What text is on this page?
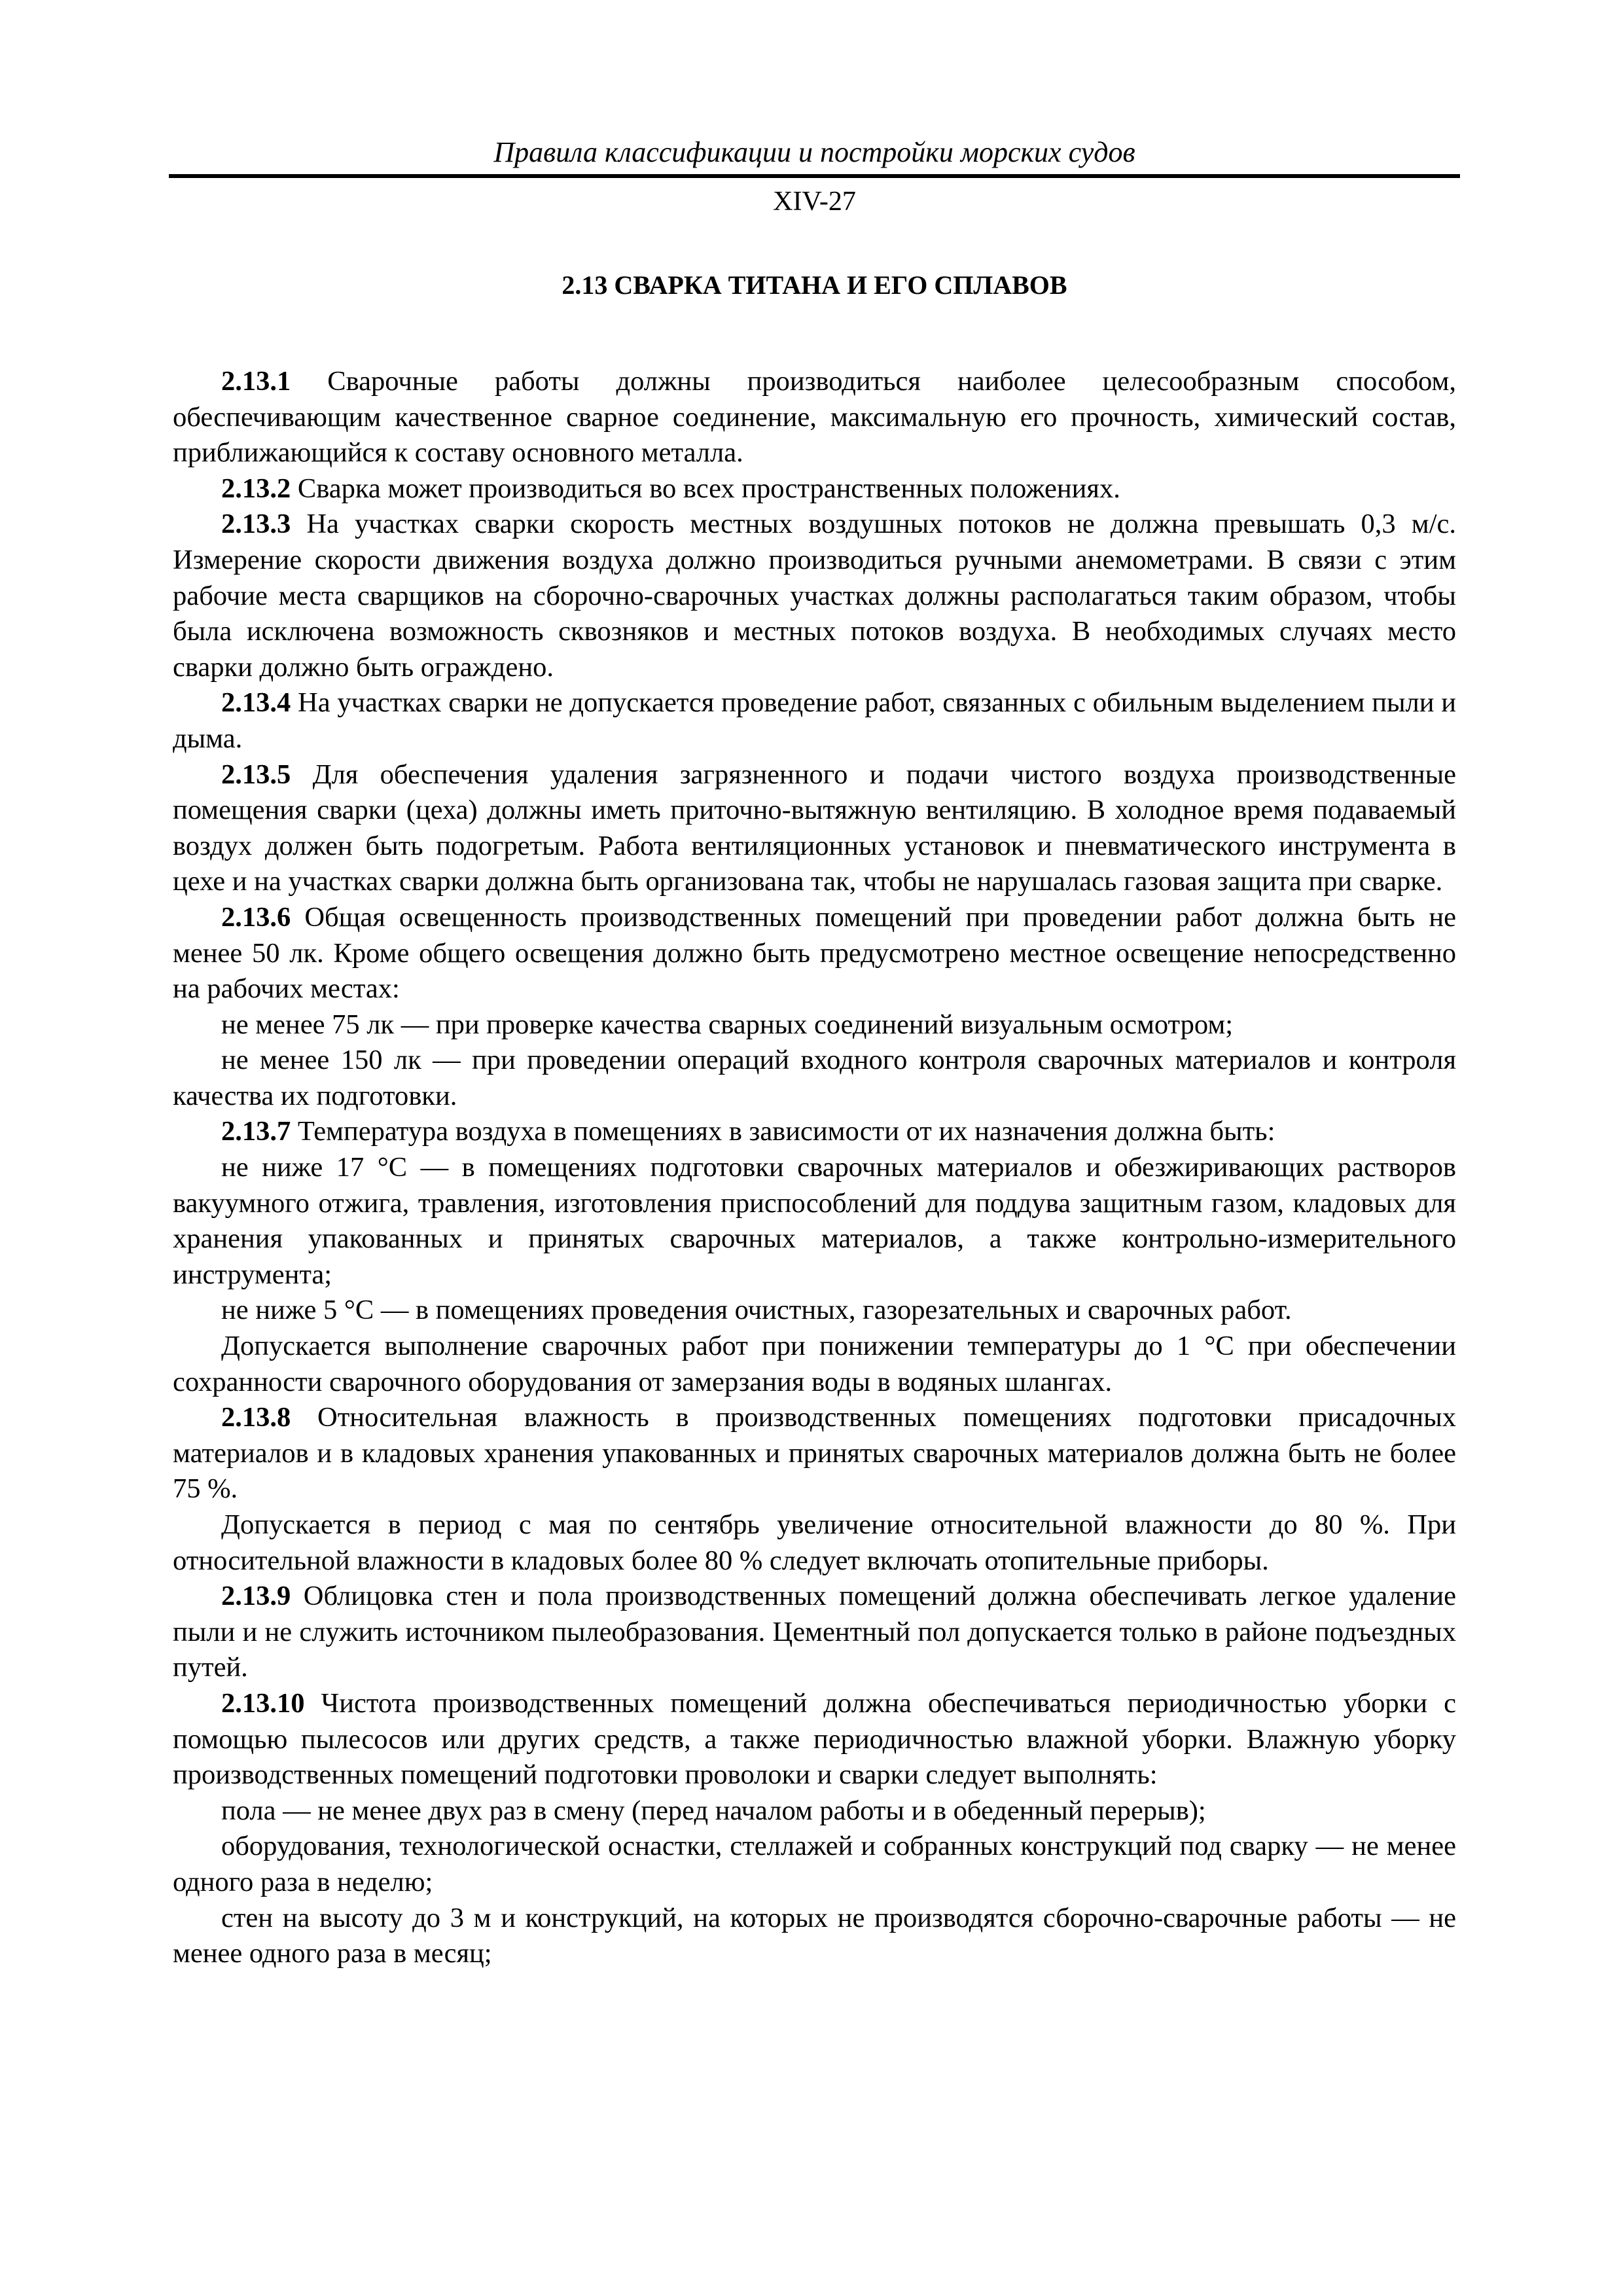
Правила классификации и постройки морских судов
XIV-27
2.13 СВАРКА ТИТАНА И ЕГО СПЛАВОВ

2.13.1 Сварочные работы должны производиться наиболее целесообразным способом, обеспечивающим качественное сварное соединение, максимальную его прочность, химический состав, приближающийся к составу основного металла.

2.13.2 Сварка может производиться во всех пространственных положениях.

2.13.3 На участках сварки скорость местных воздушных потоков не должна превышать 0,3 м/с. Измерение скорости движения воздуха должно производиться ручными анемометрами. В связи с этим рабочие места сварщиков на сборочно-сварочных участках должны располагаться таким образом, чтобы была исключена возможность сквозняков и местных потоков воздуха. В необходимых случаях место сварки должно быть ограждено.

2.13.4 На участках сварки не допускается проведение работ, связанных с обильным выделением пыли и дыма.

2.13.5 Для обеспечения удаления загрязненного и подачи чистого воздуха производственные помещения сварки (цеха) должны иметь приточно-вытяжную вентиляцию. В холодное время подаваемый воздух должен быть подогретым. Работа вентиляционных установок и пневматического инструмента в цехе и на участках сварки должна быть организована так, чтобы не нарушалась газовая защита при сварке.

2.13.6 Общая освещенность производственных помещений при проведении работ должна быть не менее 50 лк. Кроме общего освещения должно быть предусмотрено местное освещение непосредственно на рабочих местах:

не менее 75 лк — при проверке качества сварных соединений визуальным осмотром;

не менее 150 лк — при проведении операций входного контроля сварочных материалов и контроля качества их подготовки.

2.13.7 Температура воздуха в помещениях в зависимости от их назначения должна быть:

не ниже 17 °С — в помещениях подготовки сварочных материалов и обезжиривающих растворов вакуумного отжига, травления, изготовления приспособлений для поддува защитным газом, кладовых для хранения упакованных и принятых сварочных материалов, а также контрольно-измерительного инструмента;

не ниже 5 °С — в помещениях проведения очистных, газорезательных и сварочных работ.

Допускается выполнение сварочных работ при понижении температуры до 1 °С при обеспечении сохранности сварочного оборудования от замерзания воды в водяных шлангах.

2.13.8 Относительная влажность в производственных помещениях подготовки присадочных материалов и в кладовых хранения упакованных и принятых сварочных материалов должна быть не более 75 %.

Допускается в период с мая по сентябрь увеличение относительной влажности до 80 %. При относительной влажности в кладовых более 80 % следует включать отопительные приборы.

2.13.9 Облицовка стен и пола производственных помещений должна обеспечивать легкое удаление пыли и не служить источником пылеобразования. Цементный пол допускается только в районе подъездных путей.

2.13.10 Чистота производственных помещений должна обеспечиваться периодичностью уборки с помощью пылесосов или других средств, а также периодичностью влажной уборки. Влажную уборку производственных помещений подготовки проволоки и сварки следует выполнять:

пола — не менее двух раз в смену (перед началом работы и в обеденный перерыв);

оборудования, технологической оснастки, стеллажей и собранных конструкций под сварку — не менее одного раза в неделю;

стен на высоту до 3 м и конструкций, на которых не производятся сборочно-сварочные работы — не менее одного раза в месяц;
